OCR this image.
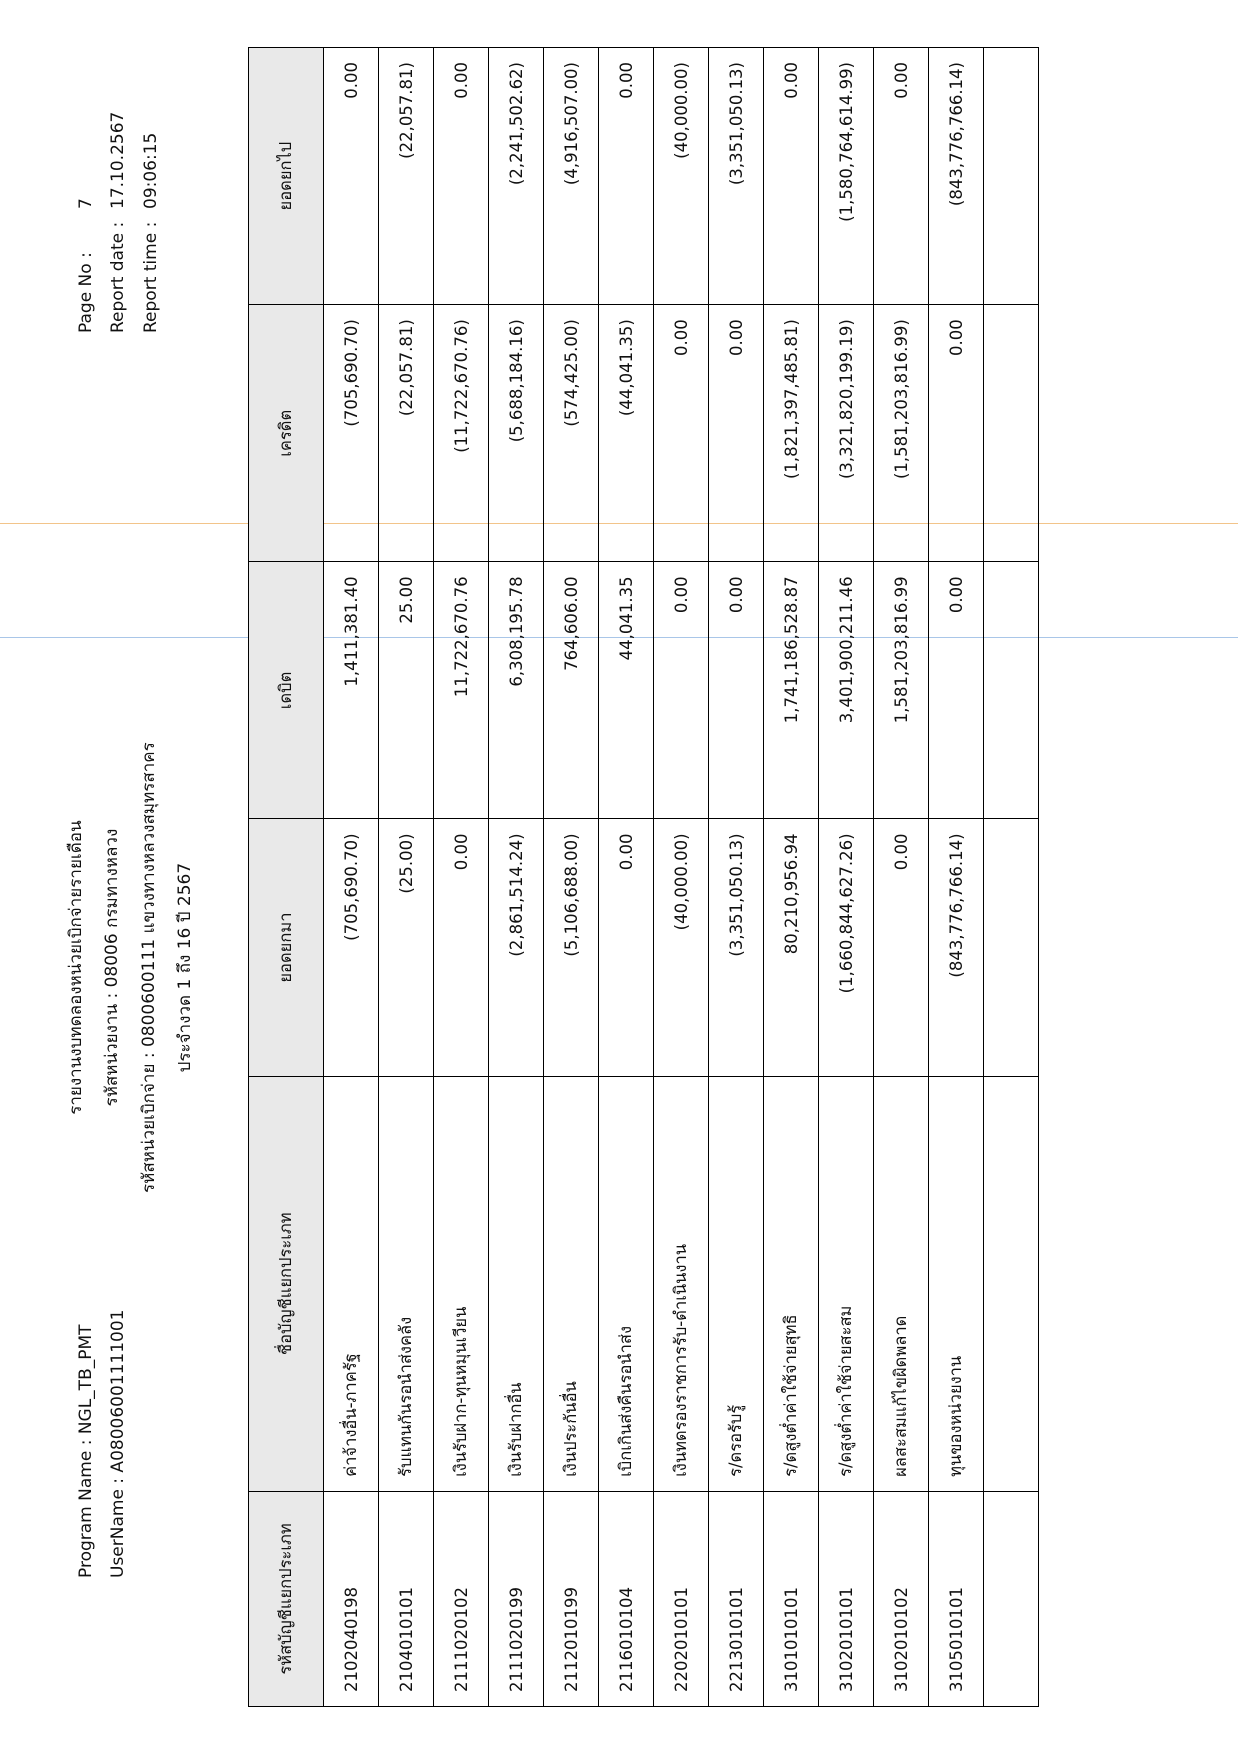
Program Name : NGL_TB_PMT UserName : A08006001111001
รายงานงบทดลองหน่วยเบิกจ่ายรายเดือน รหัสหน่วยงาน : 08006 กรมทางหลวง รหัสหน่วยเบิกจ่าย : 0800600111 แขวงทางหลวงสมุทรสาคร ประจำงวด 1 ถึง 16 ปี 2567
Page No :
7
Report date :
17.10.2567
Report time :
09:06:15
รหัสบัญชีแยกประเภท	ชื่อบัญชีแยกประเภท	ยอดยกมา	เดบิต	เครดิต	ยอดยกไป
2102040198	ค่าจ้างอื่น-ภาครัฐ	(705,690.70)	1,411,381.40	(705,690.70)	0.00
2104010101	รับแทนกันรอนำส่งคลัง	(25.00)	25.00	(22,057.81)	(22,057.81)
2111020102	เงินรับฝาก-ทุนหมุนเวียน	0.00	11,722,670.76	(11,722,670.76)	0.00
2111020199	เงินรับฝากอื่น	(2,861,514.24)	6,308,195.78	(5,688,184.16)	(2,241,502.62)
2112010199	เงินประกันอื่น	(5,106,688.00)	764,606.00	(574,425.00)	(4,916,507.00)
2116010104	เบิกเกินส่งคืนรอนำส่ง	0.00	44,041.35	(44,041.35)	0.00
2202010101	เงินทดรองราชการรับ-ดำเนินงาน	(40,000.00)	0.00	0.00	(40,000.00)
2213010101	ร/ดรอรับรู้	(3,351,050.13)	0.00	0.00	(3,351,050.13)
3101010101	ร/ดสูงต่ำค่าใช้จ่ายสุทธิ	80,210,956.94	1,741,186,528.87	(1,821,397,485.81)	0.00
3102010101	ร/ดสูงต่ำค่าใช้จ่ายสะสม	(1,660,844,627.26)	3,401,900,211.46	(3,321,820,199.19)	(1,580,764,614.99)
3102010102	ผลสะสมแก้ไขผิดพลาด	0.00	1,581,203,816.99	(1,581,203,816.99)	0.00
3105010101	ทุนของหน่วยงาน	(843,776,766.14)	0.00	0.00	(843,776,766.14)
